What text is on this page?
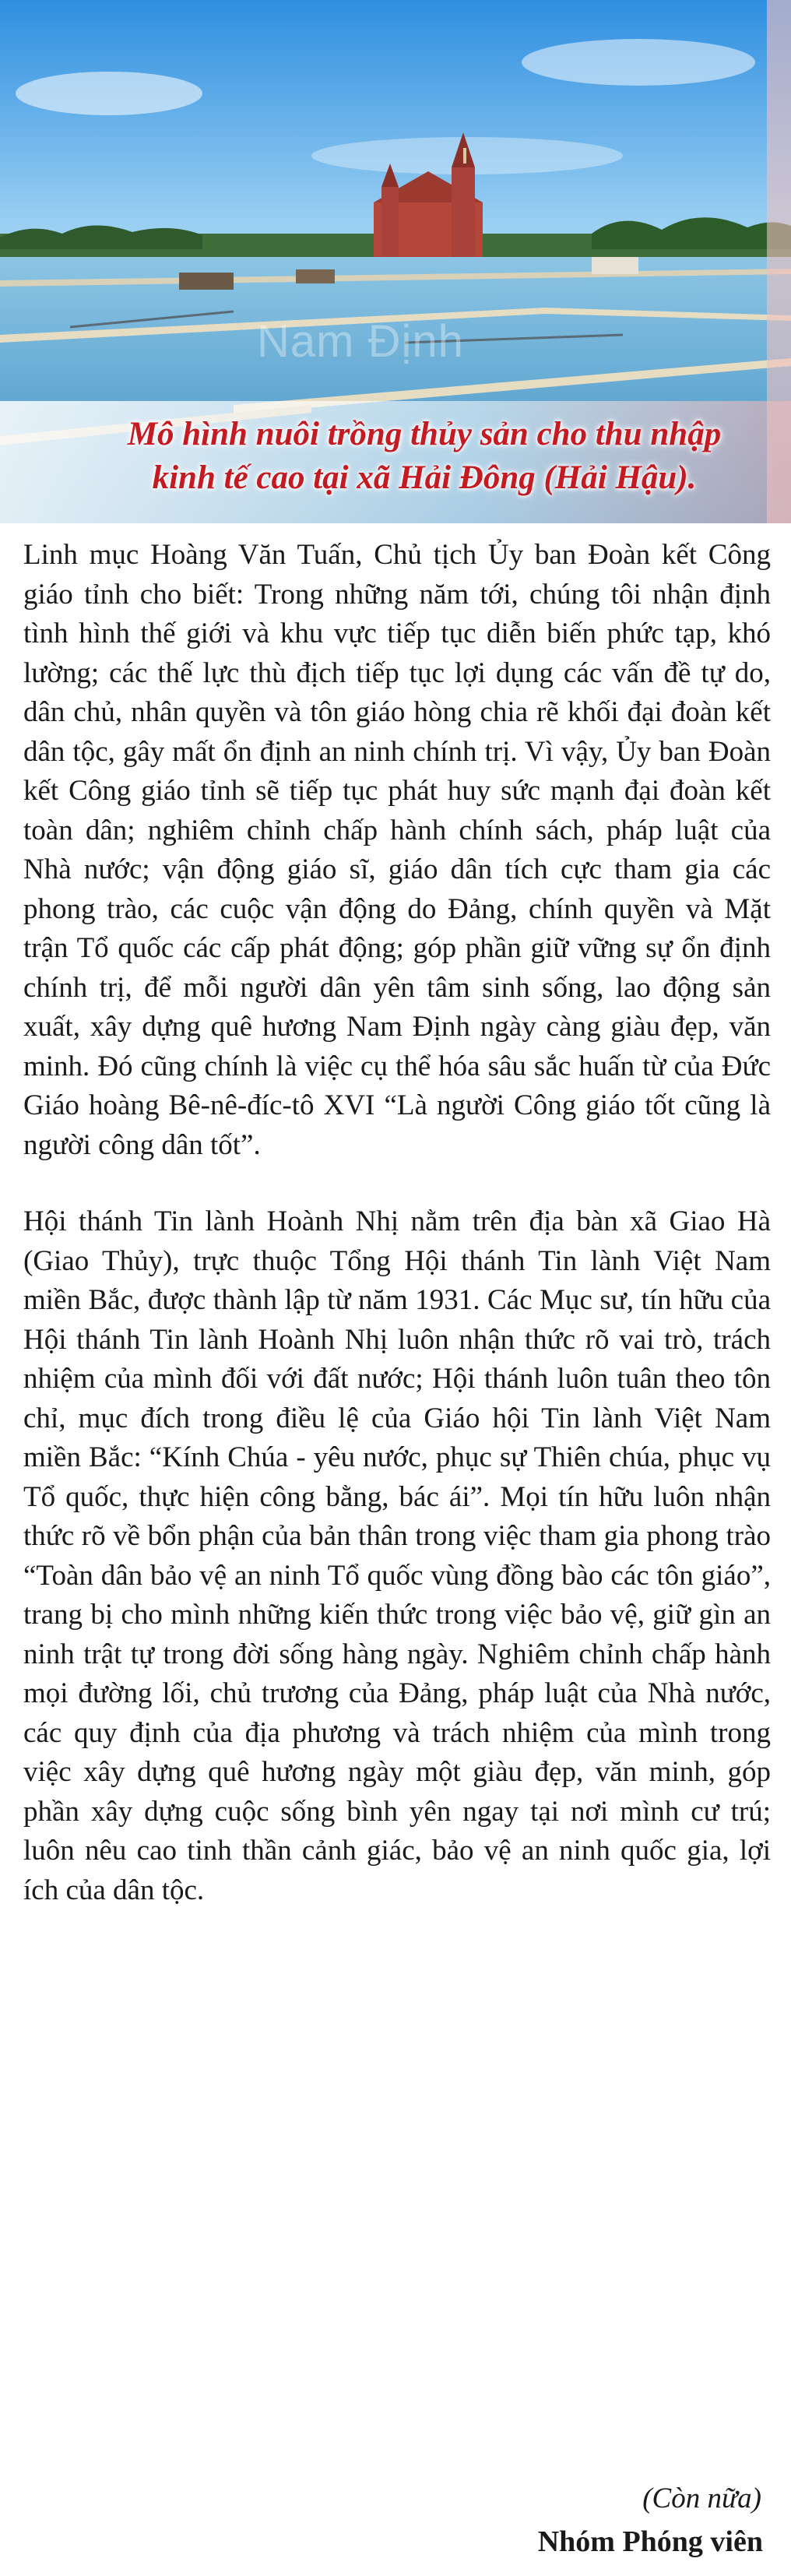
Nam Định
Mô hình nuôi trồng thủy sản cho thu nhập
kinh tế cao tại xã Hải Đông (Hải Hậu).

Linh mục Hoàng Văn Tuấn, Chủ tịch Ủy ban Đoàn kết Công giáo tỉnh cho biết: Trong những năm tới, chúng tôi nhận định tình hình thế giới và khu vực tiếp tục diễn biến phức tạp, khó lường; các thế lực thù địch tiếp tục lợi dụng các vấn đề tự do, dân chủ, nhân quyền và tôn giáo hòng chia rẽ khối đại đoàn kết dân tộc, gây mất ổn định an ninh chính trị. Vì vậy, Ủy ban Đoàn kết Công giáo tỉnh sẽ tiếp tục phát huy sức mạnh đại đoàn kết toàn dân; nghiêm chỉnh chấp hành chính sách, pháp luật của Nhà nước; vận động giáo sĩ, giáo dân tích cực tham gia các phong trào, các cuộc vận động do Đảng, chính quyền và Mặt trận Tổ quốc các cấp phát động; góp phần giữ vững sự ổn định chính trị, để mỗi người dân yên tâm sinh sống, lao động sản xuất, xây dựng quê hương Nam Định ngày càng giàu đẹp, văn minh. Đó cũng chính là việc cụ thể hóa sâu sắc huấn từ của Đức Giáo hoàng Bê-nê-đíc-tô XVI “Là người Công giáo tốt cũng là người công dân tốt”.

Hội thánh Tin lành Hoành Nhị nằm trên địa bàn xã Giao Hà (Giao Thủy), trực thuộc Tổng Hội thánh Tin lành Việt Nam miền Bắc, được thành lập từ năm 1931. Các Mục sư, tín hữu của Hội thánh Tin lành Hoành Nhị luôn nhận thức rõ vai trò, trách nhiệm của mình đối với đất nước; Hội thánh luôn tuân theo tôn chỉ, mục đích trong điều lệ của Giáo hội Tin lành Việt Nam miền Bắc: “Kính Chúa - yêu nước, phục sự Thiên chúa, phục vụ Tổ quốc, thực hiện công bằng, bác ái”. Mọi tín hữu luôn nhận thức rõ về bổn phận của bản thân trong việc tham gia phong trào “Toàn dân bảo vệ an ninh Tổ quốc vùng đồng bào các tôn giáo”, trang bị cho mình những kiến thức trong việc bảo vệ, giữ gìn an ninh trật tự trong đời sống hàng ngày. Nghiêm chỉnh chấp hành mọi đường lối, chủ trương của Đảng, pháp luật của Nhà nước, các quy định của địa phương và trách nhiệm của mình trong việc xây dựng quê hương ngày một giàu đẹp, văn minh, góp phần xây dựng cuộc sống bình yên ngay tại nơi mình cư trú; luôn nêu cao tinh thần cảnh giác, bảo vệ an ninh quốc gia, lợi ích của dân tộc.

(Còn nữa)
Nhóm Phóng viên
